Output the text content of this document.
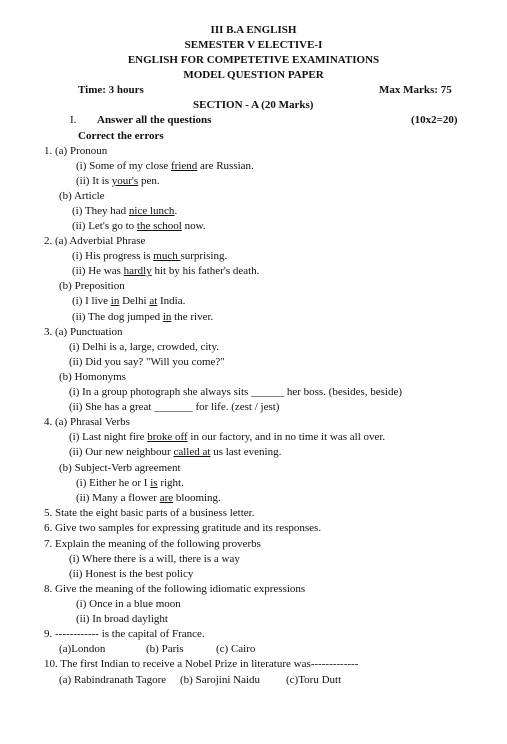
III B.A ENGLISH
SEMESTER V ELECTIVE-I
ENGLISH FOR COMPETETIVE EXAMINATIONS
MODEL QUESTION PAPER
Time: 3 hours	Max Marks: 75
SECTION - A (20 Marks)
I. Answer all the questions	(10x2=20)
Correct the errors
1. (a) Pronoun
(i) Some of my close friend are Russian.
(ii) It is your's pen.
(b) Article
(i) They had nice lunch.
(ii) Let's go to the school now.
2. (a) Adverbial Phrase
(i) His progress is much surprising.
(ii) He was hardly hit by his father's death.
(b) Preposition
(i) I live in Delhi at India.
(ii) The dog jumped in the river.
3. (a) Punctuation
(i) Delhi is a, large, crowded, city.
(ii) Did you say? "Will you come?"
(b) Homonyms
(i) In a group photograph she always sits ______ her boss. (besides, beside)
(ii) She has a great _______ for life. (zest / jest)
4. (a) Phrasal Verbs
(i) Last night fire broke off in our factory, and in no time it was all over.
(ii) Our new neighbour called at us last evening.
(b) Subject-Verb agreement
(i) Either he or I is right.
(ii) Many a flower are blooming.
5. State the eight basic parts of a business letter.
6. Give two samples for expressing gratitude and its responses.
7. Explain the meaning of the following proverbs
(i) Where there is a will, there is a way
(ii) Honest is the best policy
8. Give the meaning of the following idiomatic expressions
(i) Once in a blue moon
(ii) In broad daylight
9. ------------ is the capital of France.
(a)London	(b) Paris	(c) Cairo
10. The first Indian to receive a Nobel Prize in literature was-------------
(a) Rabindranath Tagore (b) Sarojini Naidu (c)Toru Dutt
